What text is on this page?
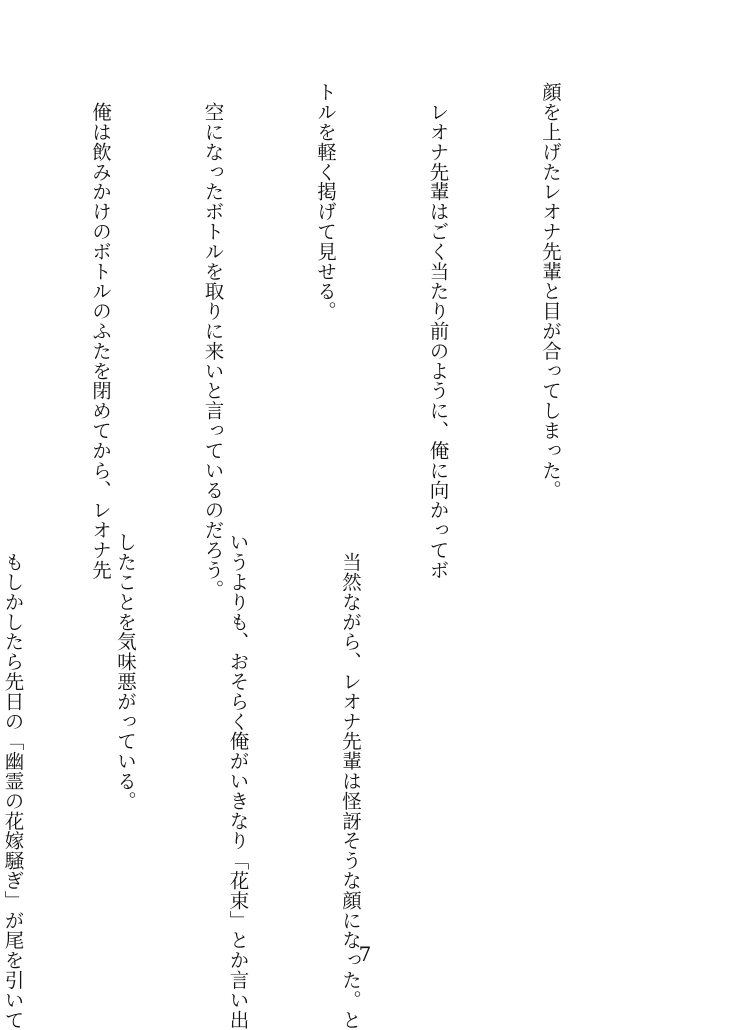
顔を上げたレオナ先輩と目が合ってしまった。

　レオナ先輩はごく当たり前のように、俺に向かってボ

トルを軽く掲げて見せる。

　空になったボトルを取りに来いと言っているのだろう。

　俺は飲みかけのボトルのふたを閉めてから、レオナ先

　当然ながら、レオナ先輩は怪訝そうな顔になった。と

いうよりも、おそらく俺がいきなり「花束」とか言い出

したことを気味悪がっている。

　もしかしたら先日の「幽霊の花嫁騒ぎ」が尾を引いて

	7
